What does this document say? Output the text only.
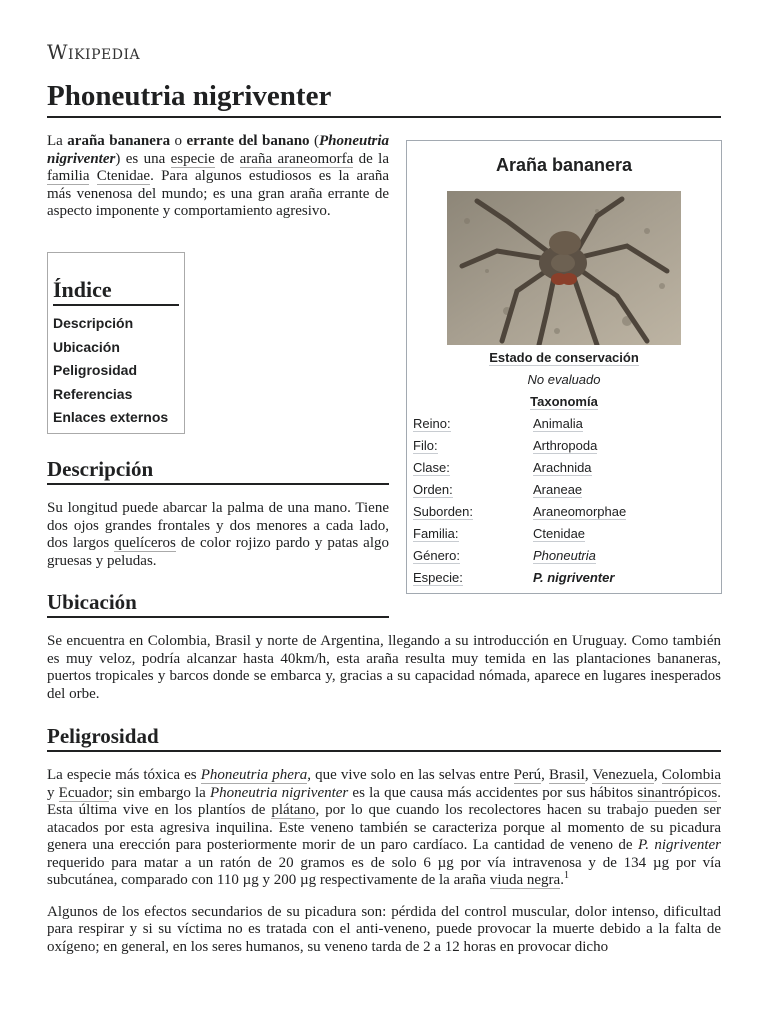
Wikipedia
Phoneutria nigriventer
La araña bananera o errante del banano (Phoneutria nigriventer) es una especie de araña araneomorfa de la familia Ctenidae. Para algunos estudiosos es la araña más venenosa del mundo; es una gran araña errante de aspecto imponente y comportamiento agresivo.
Índice
Descripción
Ubicación
Peligrosidad
Referencias
Enlaces externos
Descripción
Su longitud puede abarcar la palma de una mano. Tiene dos ojos grandes frontales y dos menores a cada lado, dos largos quelíceros de color rojizo pardo y patas algo gruesas y peludas.
Ubicación
Se encuentra en Colombia, Brasil y norte de Argentina, llegando a su introducción en Uruguay. Como también es muy veloz, podría alcanzar hasta 40km/h, esta araña resulta muy temida en las plantaciones bananeras, puertos tropicales y barcos donde se embarca y, gracias a su capacidad nómada, aparece en lugares inesperados del orbe.
Peligrosidad

La especie más tóxica es Phoneutria phera, que vive solo en las selvas entre Perú, Brasil, Venezuela, Colombia y Ecuador; sin embargo la Phoneutria nigriventer es la que causa más accidentes por sus hábitos sinantrópicos. Esta última vive en los plantíos de plátano, por lo que cuando los recolectores hacen su trabajo pueden ser atacados por esta agresiva inquilina. Este veneno también se caracteriza porque al momento de su picadura genera una erección para posteriormente morir de un paro cardíaco. La cantidad de veneno de P. nigriventer requerido para matar a un ratón de 20 gramos es de solo 6 µg por vía intravenosa y de 134 µg por vía subcutánea, comparado con 110 µg y 200 µg respectivamente de la araña viuda negra.$^1$

Algunos de los efectos secundarios de su picadura son: pérdida del control muscular, dolor intenso, dificultad para respirar y si su víctima no es tratada con el anti-veneno, puede provocar la muerte debido a la falta de oxígeno; en general, en los seres humanos, su veneno tarda de 2 a 12 horas en provocar dicho

Araña bananera
Estado de conservación
No evaluado
Taxonomía
Reino:	Animalia
Filo:	Arthropoda
Clase:	Arachnida
Orden:	Araneae
Suborden:	Araneomorphae
Familia:	Ctenidae
Género:	Phoneutria
Especie:	P. nigriventer
